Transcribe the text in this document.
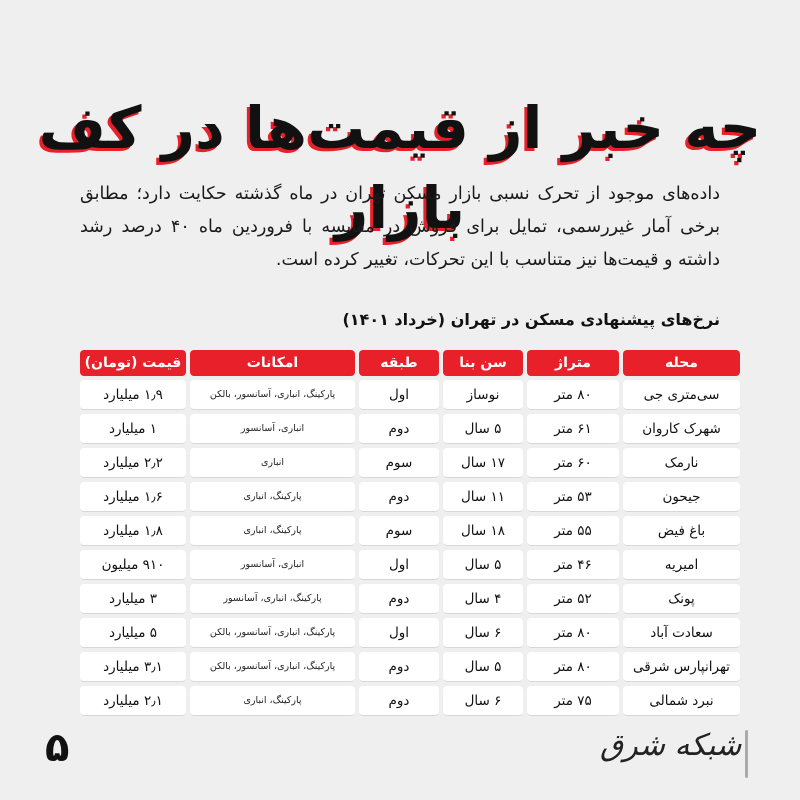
چه خبر از قیمت‌ها در کف بازار
داده‌های موجود از تحرک نسبی بازار مسکن تهران در ماه گذشته حکایت دارد؛ مطابق برخی آمار غیررسمی، تمایل برای فروش در مقایسه با فروردین ماه ۴۰ درصد رشد داشته و قیمت‌ها نیز متناسب با این تحرکات، تغییر کرده است.
نرخ‌های پیشنهادی مسکن در تهران (خرداد ۱۴۰۱)
محله	متراژ	سن بنا	طبقه	امکانات	قیمت (تومان)
سی‌متری جی	۸۰ متر	نوساز	اول	پارکینگ، انباری، آسانسور، بالکن	۱٫۹ میلیارد
شهرک کاروان	۶۱ متر	۵ سال	دوم	انباری، آسانسور	۱ میلیارد
نارمک	۶۰ متر	۱۷ سال	سوم	انباری	۲٫۲ میلیارد
جیحون	۵۳ متر	۱۱ سال	دوم	پارکینگ، انباری	۱٫۶ میلیارد
باغ فیض	۵۵ متر	۱۸ سال	سوم	پارکینگ، انباری	۱٫۸ میلیارد
امیریه	۴۶ متر	۵ سال	اول	انباری، آسانسور	۹۱۰ میلیون
پونک	۵۲ متر	۴ سال	دوم	پارکینگ، انباری، آسانسور	۳ میلیارد
سعادت آباد	۸۰ متر	۶ سال	اول	پارکینگ، انباری، آسانسور، بالکن	۵ میلیارد
تهرانپارس شرقی	۸۰ متر	۵ سال	دوم	پارکینگ، انباری، آسانسور، بالکن	۳٫۱ میلیارد
نبرد شمالی	۷۵ متر	۶ سال	دوم	پارکینگ، انباری	۲٫۱ میلیارد
۵	شبکه شرق
